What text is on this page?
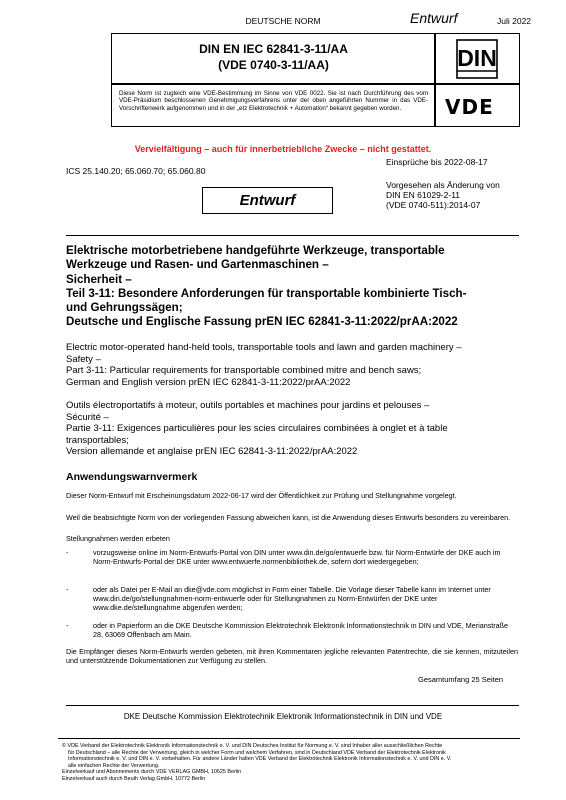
DEUTSCHE NORM	Entwurf	Juli 2022
DIN EN IEC 62841-3-11/AA
(VDE 0740-3-11/AA)	DIN

Diese Norm ist zugleich eine VDE-Bestimmung im Sinne von VDE 0022. Sie ist nach Durchführung des vom VDE-Präsidium beschlossenen Genehmigungsverfahrens unter der oben angeführten Nummer in das VDE-Vorschriftenwerk aufgenommen und in der „etz Elektrotechnik + Automation“ bekannt gegeben worden.	VDE
Vervielfältigung – auch für innerbetriebliche Zwecke – nicht gestattet.
Einsprüche bis 2022-08-17
ICS 25.140.20; 65.060.70; 65.060.80
Vorgesehen als Änderung von
DIN EN 61029-2-11
(VDE 0740-511):2014-07
Entwurf
Elektrische motorbetriebene handgeführte Werkzeuge, transportable
Werkzeuge und Rasen- und Gartenmaschinen –
Sicherheit –
Teil 3-11: Besondere Anforderungen für transportable kombinierte Tisch-
und Gehrungssägen;
Deutsche und Englische Fassung prEN IEC 62841-3-11:2022/prAA:2022
Electric motor-operated hand-held tools, transportable tools and lawn and garden machinery –
Safety –
Part 3-11: Particular requirements for transportable combined mitre and bench saws;
German and English version prEN IEC 62841-3-11:2022/prAA:2022
Outils électroportatifs à moteur, outils portables et machines pour jardins et pelouses –
Sécurité –
Partie 3-11: Exigences particulières pour les scies circulaires combinées à onglet et à table
transportables;
Version allemande et anglaise prEN IEC 62841-3-11:2022/prAA:2022
Anwendungswarnvermerk
Dieser Norm-Entwurf mit Erscheinungsdatum 2022-06-17 wird der Öffentlichkeit zur Prüfung und Stellungnahme vorgelegt.
Weil die beabsichtigte Norm von der vorliegenden Fassung abweichen kann, ist die Anwendung dieses Entwurfs besonders zu vereinbaren.
Stellungnahmen werden erbeten
-	vorzugsweise online im Norm-Entwurfs-Portal von DIN unter www.din.de/go/entwuerfe bzw. für Norm-Entwürfe der DKE auch im Norm-Entwurfs-Portal der DKE unter www.entwuerfe.normenbibliothek.de, sofern dort wiedergegeben;
-	oder als Datei per E-Mail an dke@vde.com möglichst in Form einer Tabelle. Die Vorlage dieser Tabelle kann im Internet unter www.din.de/go/stellungnahmen-norm-entwuerfe oder für Stellungnahmen zu Norm-Entwürfen der DKE unter www.dke.de/stellungnahme abgerufen werden;
-	oder in Papierform an die DKE Deutsche Kommission Elektrotechnik Elektronik Informationstechnik in DIN und VDE, Merianstraße 28, 63069 Offenbach am Main.
Die Empfänger dieses Norm-Entwurfs werden gebeten, mit ihren Kommentaren jegliche relevanten Patentrechte, die sie kennen, mitzuteilen und unterstützende Dokumentationen zur Verfügung zu stellen.
Gesamtumfang 25 Seiten
DKE Deutsche Kommission Elektrotechnik Elektronik Informationstechnik in DIN und VDE
© VDE Verband der Elektrotechnik Elektronik Informationstechnik e. V. und DIN Deutsches Institut für Normung e. V. sind Inhaber aller ausschließlichen Rechte
für Deutschland – alle Rechte der Verwertung, gleich in welcher Form und welchem Verfahren, sind in Deutschland VDE Verband der Elektrotechnik Elektronik
Informationstechnik e. V. und DIN e. V. vorbehalten. Für andere Länder halten VDE Verband der Elektrotechnik Elektronik Informationstechnik e. V. und DIN e. V.
alle einfachen Rechte der Verwertung.
Einzelverkauf und Abonnements durch VDE VERLAG GMBH, 10625 Berlin
Einzelverkauf auch durch Beuth Verlag GmbH, 10772 Berlin
